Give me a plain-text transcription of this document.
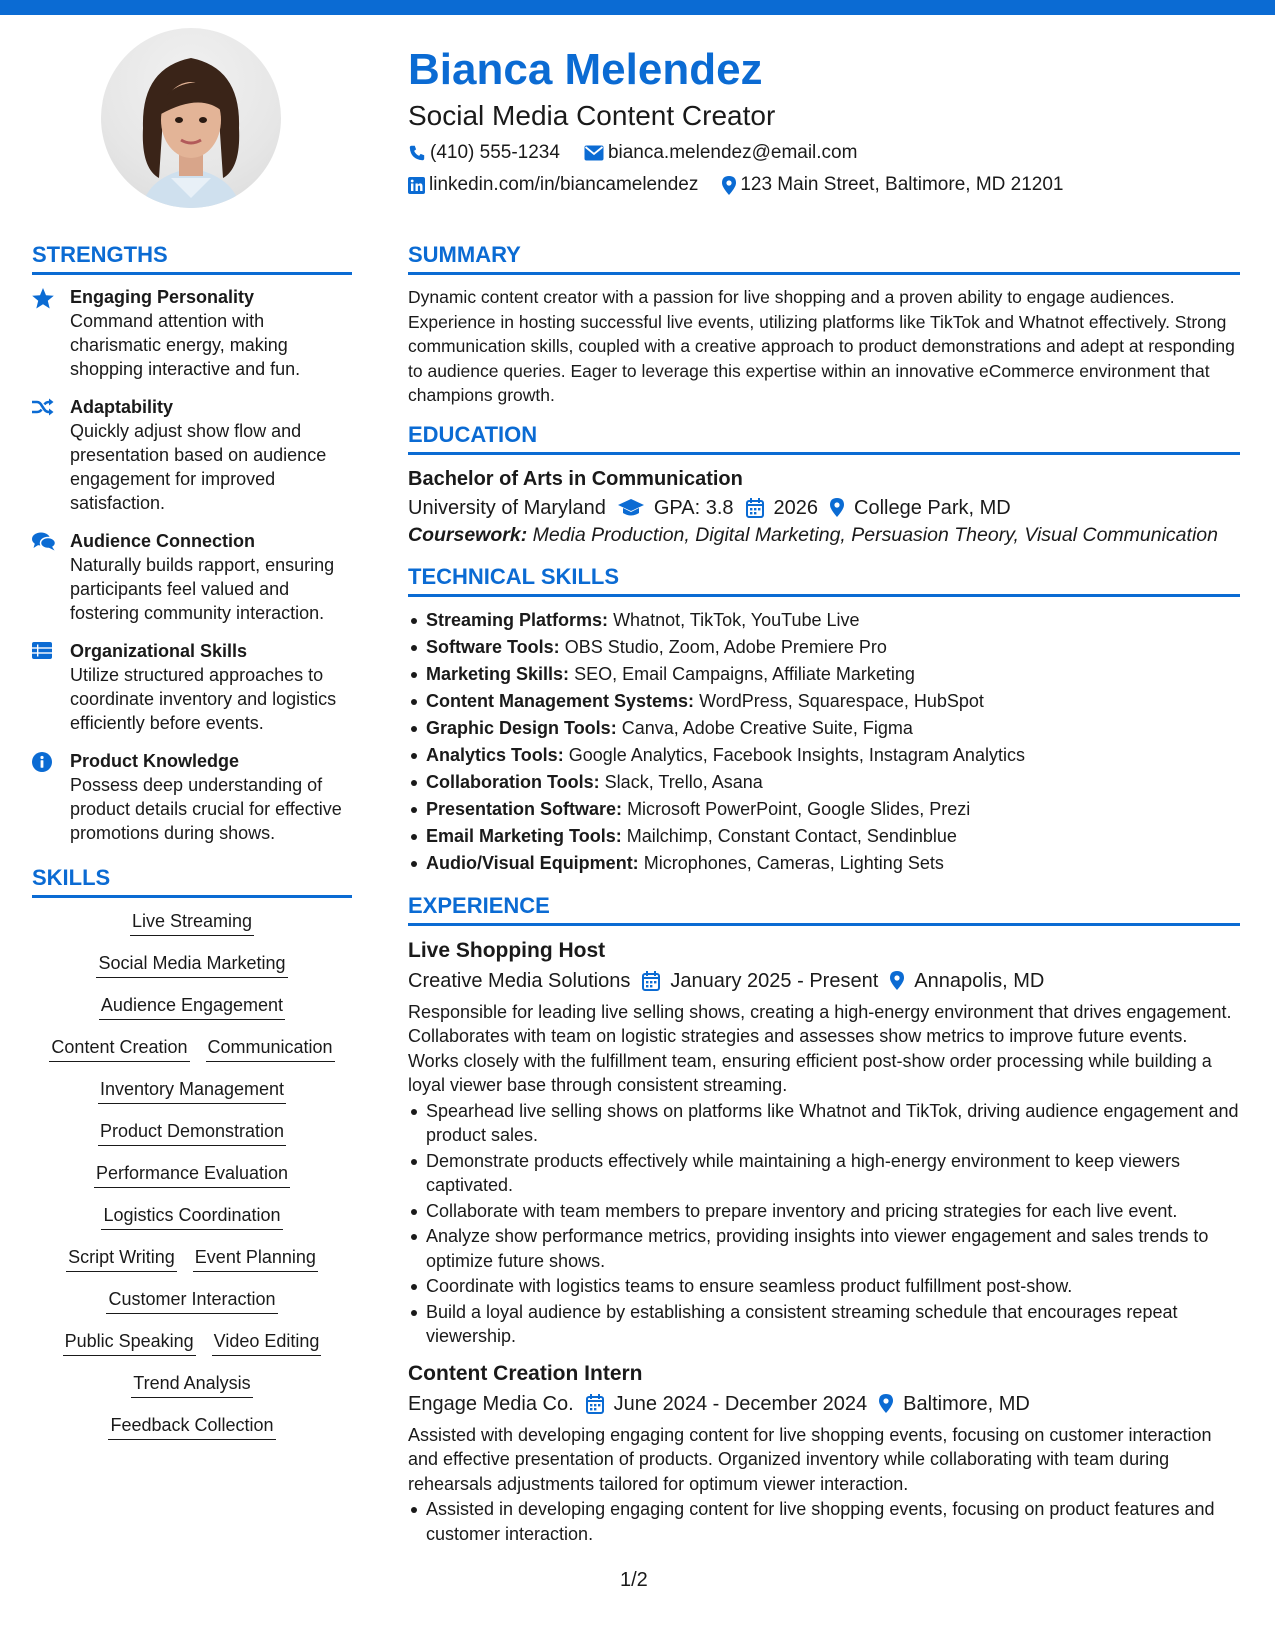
Bianca Melendez
Social Media Content Creator
(410) 555-1234	bianca.melendez@email.com
linkedin.com/in/biancamelendez 123 Main Street, Baltimore, MD 21201
STRENGTHS
Engaging Personality
Command attention with charismatic energy, making shopping interactive and fun.
Adaptability
Quickly adjust show flow and presentation based on audience engagement for improved satisfaction.
Audience Connection
Naturally builds rapport, ensuring participants feel valued and fostering community interaction.
Organizational Skills
Utilize structured approaches to coordinate inventory and logistics efficiently before events.
Product Knowledge
Possess deep understanding of product details crucial for effective promotions during shows.
SKILLS
Live Streaming
Social Media Marketing
Audience Engagement
Content Creation Communication
Inventory Management
Product Demonstration
Performance Evaluation
Logistics Coordination
Script Writing Event Planning
Customer Interaction
Public Speaking Video Editing
Trend Analysis
Feedback Collection
SUMMARY
Dynamic content creator with a passion for live shopping and a proven ability to engage audiences. Experience in hosting successful live events, utilizing platforms like TikTok and Whatnot effectively. Strong communication skills, coupled with a creative approach to product demonstrations and adept at responding to audience queries. Eager to leverage this expertise within an innovative eCommerce environment that champions growth.
EDUCATION
Bachelor of Arts in Communication
University of Maryland GPA: 3.8 2026 College Park, MD
Coursework: Media Production, Digital Marketing, Persuasion Theory, Visual Communication
TECHNICAL SKILLS
Streaming Platforms: Whatnot, TikTok, YouTube Live
Software Tools: OBS Studio, Zoom, Adobe Premiere Pro
Marketing Skills: SEO, Email Campaigns, Affiliate Marketing
Content Management Systems: WordPress, Squarespace, HubSpot
Graphic Design Tools: Canva, Adobe Creative Suite, Figma
Analytics Tools: Google Analytics, Facebook Insights, Instagram Analytics
Collaboration Tools: Slack, Trello, Asana
Presentation Software: Microsoft PowerPoint, Google Slides, Prezi
Email Marketing Tools: Mailchimp, Constant Contact, Sendinblue
Audio/Visual Equipment: Microphones, Cameras, Lighting Sets
EXPERIENCE
Live Shopping Host
Creative Media Solutions January 2025 - Present Annapolis, MD
Responsible for leading live selling shows, creating a high-energy environment that drives engagement. Collaborates with team on logistic strategies and assesses show metrics to improve future events. Works closely with the fulfillment team, ensuring efficient post-show order processing while building a loyal viewer base through consistent streaming.
Spearhead live selling shows on platforms like Whatnot and TikTok, driving audience engagement and product sales.
Demonstrate products effectively while maintaining a high-energy environment to keep viewers captivated.
Collaborate with team members to prepare inventory and pricing strategies for each live event.
Analyze show performance metrics, providing insights into viewer engagement and sales trends to optimize future shows.
Coordinate with logistics teams to ensure seamless product fulfillment post-show.
Build a loyal audience by establishing a consistent streaming schedule that encourages repeat viewership.
Content Creation Intern
Engage Media Co. June 2024 - December 2024 Baltimore, MD
Assisted with developing engaging content for live shopping events, focusing on customer interaction and effective presentation of products. Organized inventory while collaborating with team during rehearsals adjustments tailored for optimum viewer interaction.
Assisted in developing engaging content for live shopping events, focusing on product features and customer interaction.
1/2
